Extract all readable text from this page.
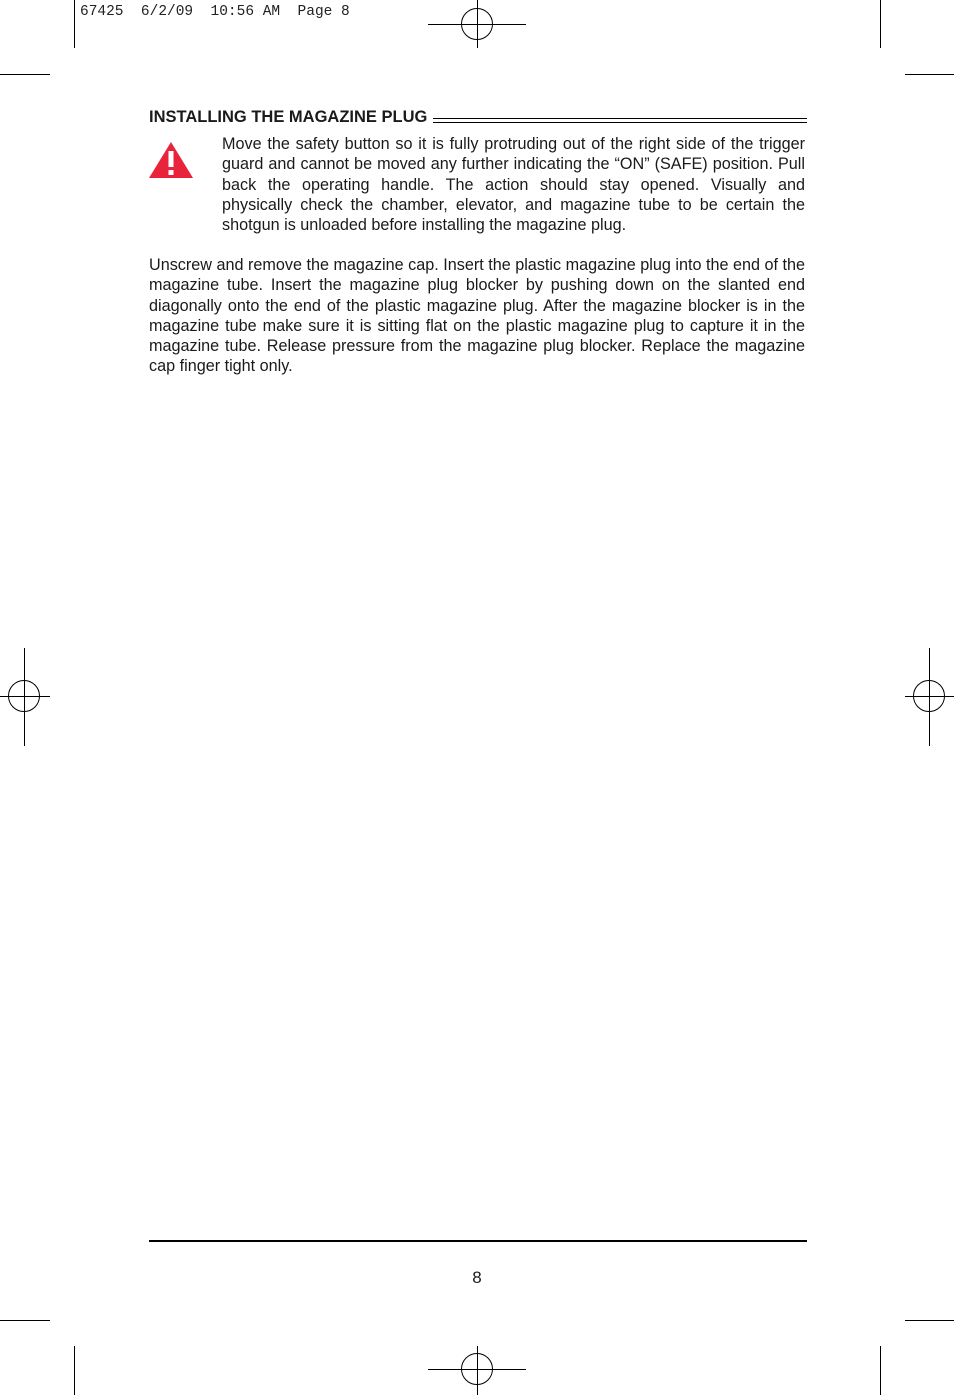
67425  6/2/09  10:56 AM  Page 8
INSTALLING THE MAGAZINE PLUG
Move the safety button so it is fully protruding out of the right side of the trigger guard and cannot be moved any further indicating the “ON” (SAFE) position. Pull back the operating handle. The action should stay opened. Visually and physically check the chamber, elevator, and magazine tube to be certain the shotgun is unloaded before installing the magazine plug.
Unscrew and remove the magazine cap. Insert the plastic magazine plug into the end of the magazine tube. Insert the magazine plug blocker by pushing down on the slanted end diagonally onto the end of the plastic magazine plug. After the magazine blocker is in the magazine tube make sure it is sitting flat on the plastic magazine plug to capture it in the magazine tube. Release pressure from the magazine plug blocker. Replace the magazine cap finger tight only.
8
